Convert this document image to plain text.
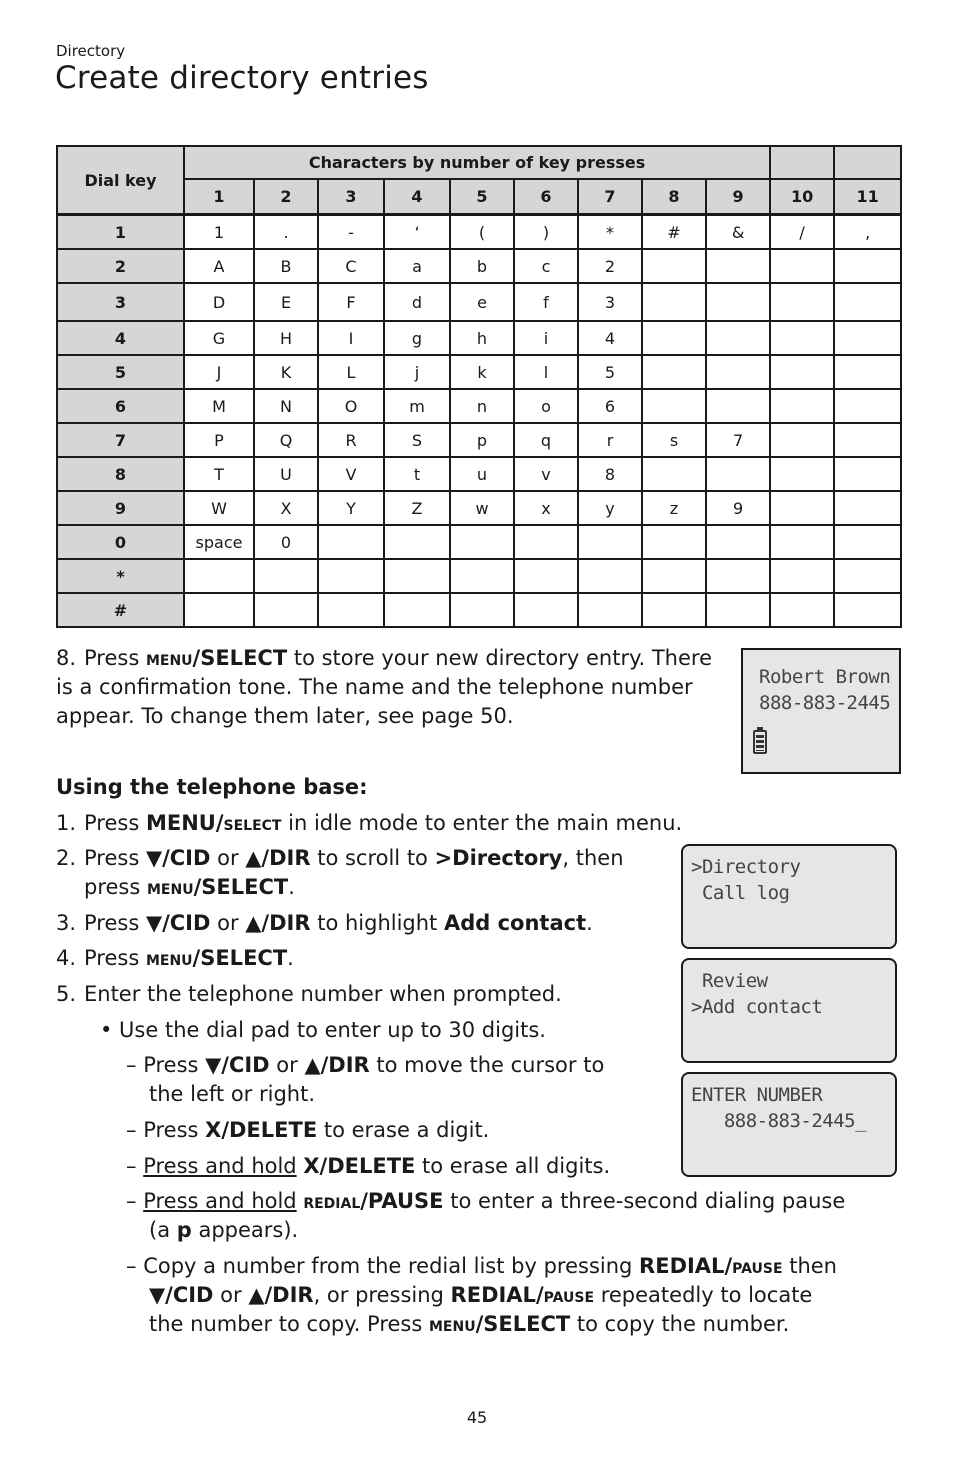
Directory
Create directory entries
Dial key	Characters by number of key presses										
	1	2	3	4	5	6	7	8	9	10	11
1	1	.	-	‘	(	)	*	#	&	/	,
2	A	B	C	a	b	c	2				
3	D	E	F	d	e	f	3				
4	G	H	I	g	h	i	4				
5	J	K	L	j	k	l	5				
6	M	N	O	m	n	o	6				
7	P	Q	R	S	p	q	r	s	7		
8	T	U	V	t	u	v	8				
9	W	X	Y	Z	w	x	y	z	9		
0	space	0									
*											
#											
8. Press menu/SELECT to store your new directory entry. There is a confirmation tone. The name and the telephone number appear. To change them later, see page 50.
Robert Brown
888-883-2445
Using the telephone base:
1. Press MENU/select in idle mode to enter the main menu.
2. Press ▼/CID or ▲/DIR to scroll to >Directory, then
press menu/SELECT.
3. Press ▼/CID or ▲/DIR to highlight Add contact.
4. Press menu/SELECT.
5. Enter the telephone number when prompted.
• Use the dial pad to enter up to 30 digits.
– Press ▼/CID or ▲/DIR to move the cursor to
the left or right.
– Press X/DELETE to erase a digit.
– Press and hold X/DELETE to erase all digits.
– Press and hold redial/PAUSE to enter a three-second dialing pause
(a p appears).
– Copy a number from the redial list by pressing REDIAL/pause then
▼/CID or ▲/DIR, or pressing REDIAL/pause repeatedly to locate
the number to copy. Press menu/SELECT to copy the number.
>Directory
Call log
Review
>Add contact
ENTER NUMBER
888-883-2445_
45
